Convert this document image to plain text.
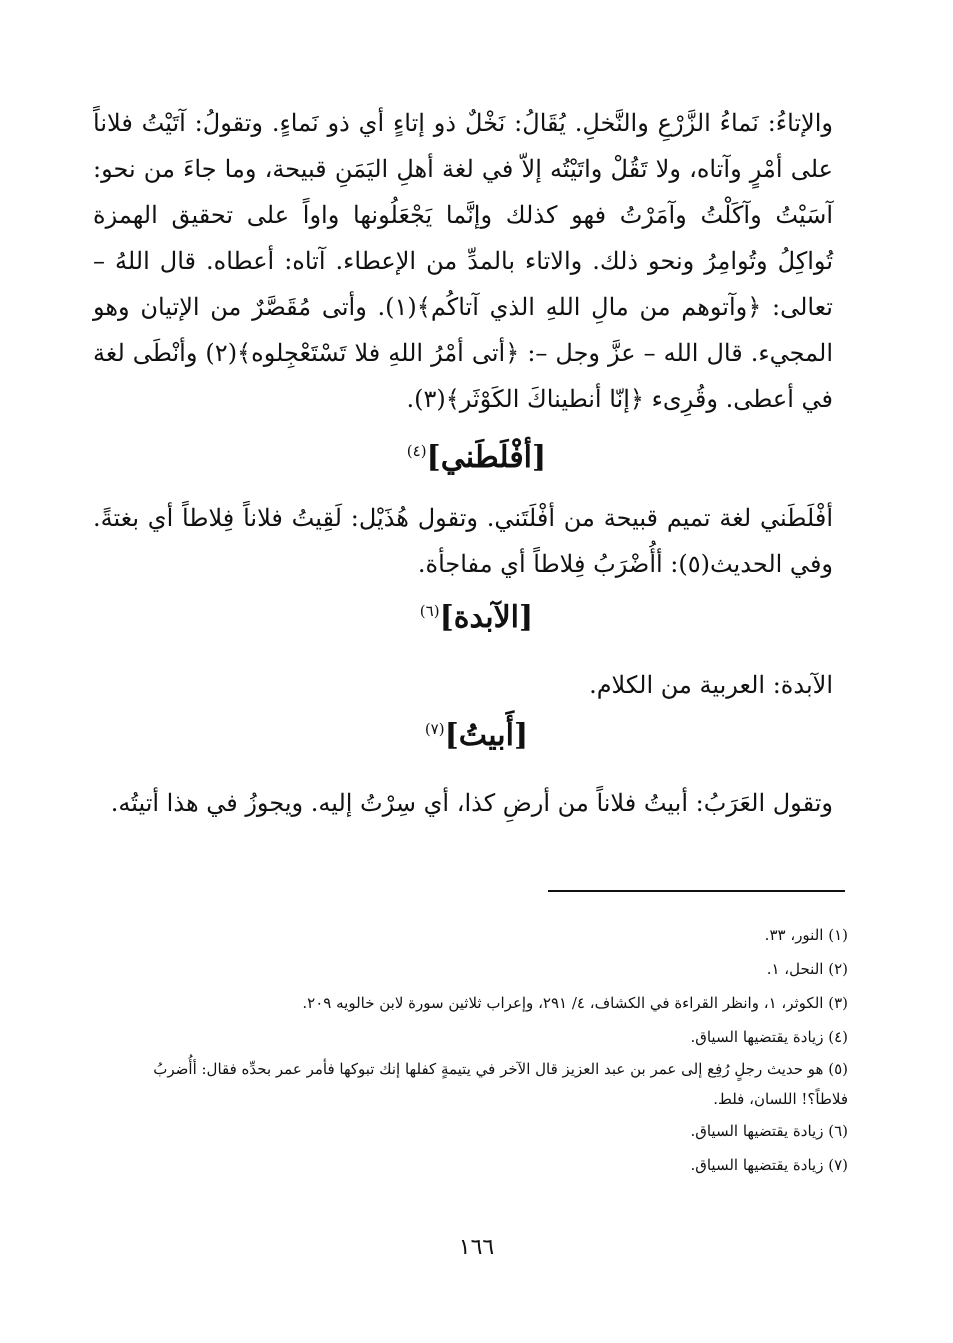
والإتاءُ: نَماءُ الزَّرْعِ والنَّخلِ. يُقَالُ: نَخْلٌ ذو إتاءٍ أي ذو نَماءٍ. وتقولُ: آتَيْتُ فلاناً على أمْرٍ وآتاه، ولا تَقُلْ واتَيْتُه إلاّ في لغة أهلِ اليَمَنِ قبيحة، وما جاءَ من نحو: آسَيْتُ وآكَلْتُ وآمَرْتُ فهو كذلك وإنَّما يَجْعَلُونها واواً على تحقيق الهمزة تُواكِلُ وتُوامِرُ ونحو ذلك. والاتاء بالمدِّ من الإعطاء. آتاه: أعطاه. قال اللهُ – تعالى: ﴿وآتوهم من مالِ اللهِ الذي آتاكُم﴾(١). وأتى مُقَصَّرٌ من الإتيان وهو المجيء. قال الله – عزَّ وجل –: ﴿أتى أمْرُ اللهِ فلا تَسْتَعْجِلوه﴾(٢) وأنْطَى لغة في أعطى. وقُرِىء ﴿إنّا أنطيناكَ الكَوْثَر﴾(٣).

[أفْلَطَني]$^{(٤)}$

أفْلَطَني لغة تميم قبيحة من أفْلَتَني. وتقول هُذَيْل: لَقِيتُ فلاناً فِلاطاً أي بغتةً. وفي الحديث(٥): أأُضْرَبُ فِلاطاً أي مفاجأة.

[الآبدة]$^{(٦)}$

الآبدة: العربية من الكلام.

[أَبيتُ]$^{(٧)}$

وتقول العَرَبُ: أبيتُ فلاناً من أرضِ كذا، أي سِرْتُ إليه. ويجوزُ في هذا أتيتُه.

(١) النور، ٣٣.
(٢) النحل، ١.
(٣) الكوثر، ١، وانظر القراءة في الكشاف، ٤/ ٢٩١، وإعراب ثلاثين سورة لابن خالويه ٢٠٩.
(٤) زيادة يقتضيها السياق.
(٥) هو حديث رجلٍ رُفِع إلى عمر بن عبد العزيز قال الآخر في يتيمةٍ كفلها إنك تبوكها فأمر عمر بحدِّه فقال: أأُضربُ فلاطاً؟! اللسان، فلط.
(٦) زيادة يقتضيها السياق.
(٧) زيادة يقتضيها السياق.
١٦٦
